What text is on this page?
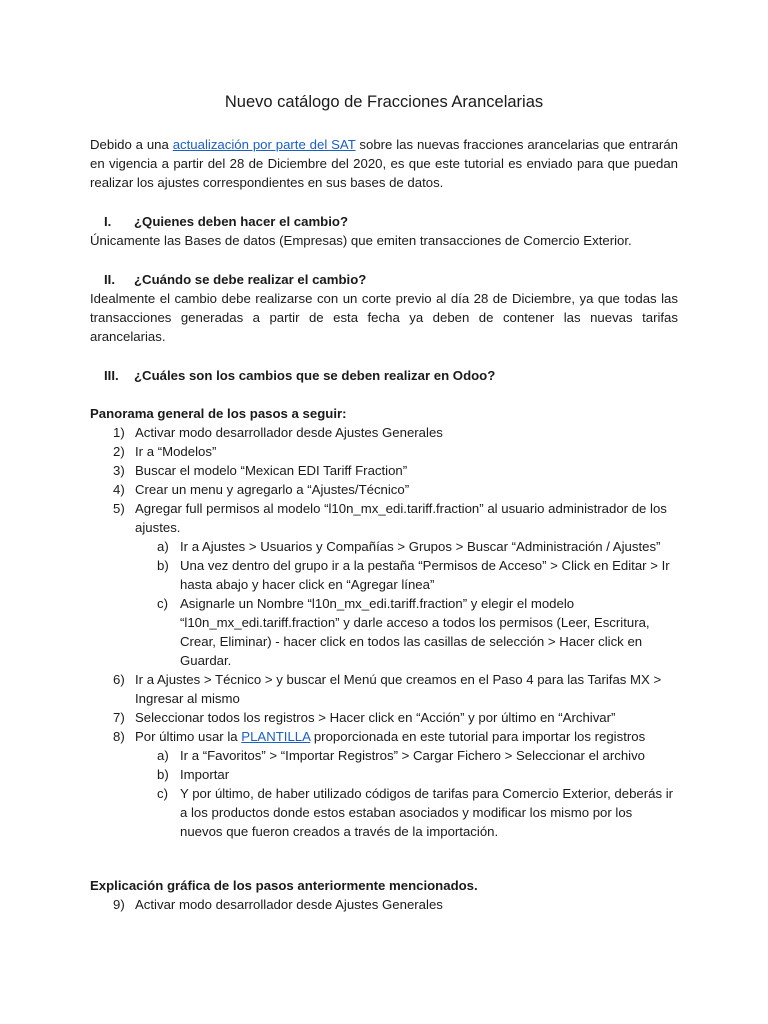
Nuevo catálogo de Fracciones Arancelarias

Debido a una actualización por parte del SAT sobre las nuevas fracciones arancelarias que entrarán en vigencia a partir del 28 de Diciembre del 2020, es que este tutorial es enviado para que puedan realizar los ajustes correspondientes en sus bases de datos.

I. ¿Quienes deben hacer el cambio?

Únicamente las Bases de datos (Empresas) que emiten transacciones de Comercio Exterior.

II. ¿Cuándo se debe realizar el cambio?

Idealmente el cambio debe realizarse con un corte previo al día 28 de Diciembre, ya que todas las transacciones generadas a partir de esta fecha ya deben de contener las nuevas tarifas arancelarias.

III. ¿Cuáles son los cambios que se deben realizar en Odoo?

Panorama general de los pasos a seguir:

1) Activar modo desarrollador desde Ajustes Generales
2) Ir a “Modelos”
3) Buscar el modelo “Mexican EDI Tariff Fraction”
4) Crear un menu y agregarlo a “Ajustes/Técnico”
5) Agregar full permisos al modelo “l10n_mx_edi.tariff.fraction” al usuario administrador de los ajustes.
a) Ir a Ajustes > Usuarios y Compañías > Grupos > Buscar “Administración / Ajustes”
b) Una vez dentro del grupo ir a la pestaña “Permisos de Acceso” > Click en Editar > Ir hasta abajo y hacer click en “Agregar línea”
c) Asignarle un Nombre “l10n_mx_edi.tariff.fraction” y elegir el modelo “l10n_mx_edi.tariff.fraction” y darle acceso a todos los permisos (Leer, Escritura, Crear, Eliminar) - hacer click en todos las casillas de selección > Hacer click en Guardar.
6) Ir a Ajustes > Técnico > y buscar el Menú que creamos en el Paso 4 para las Tarifas MX > Ingresar al mismo
7) Seleccionar todos los registros > Hacer click en “Acción” y por último en “Archivar”
8) Por último usar la PLANTILLA proporcionada en este tutorial para importar los registros
a) Ir a “Favoritos” > “Importar Registros” > Cargar Fichero > Seleccionar el archivo
b) Importar
c) Y por último, de haber utilizado códigos de tarifas para Comercio Exterior, deberás ir a los productos donde estos estaban asociados y modificar los mismo por los nuevos que fueron creados a través de la importación.

Explicación gráfica de los pasos anteriormente mencionados.

9) Activar modo desarrollador desde Ajustes Generales
